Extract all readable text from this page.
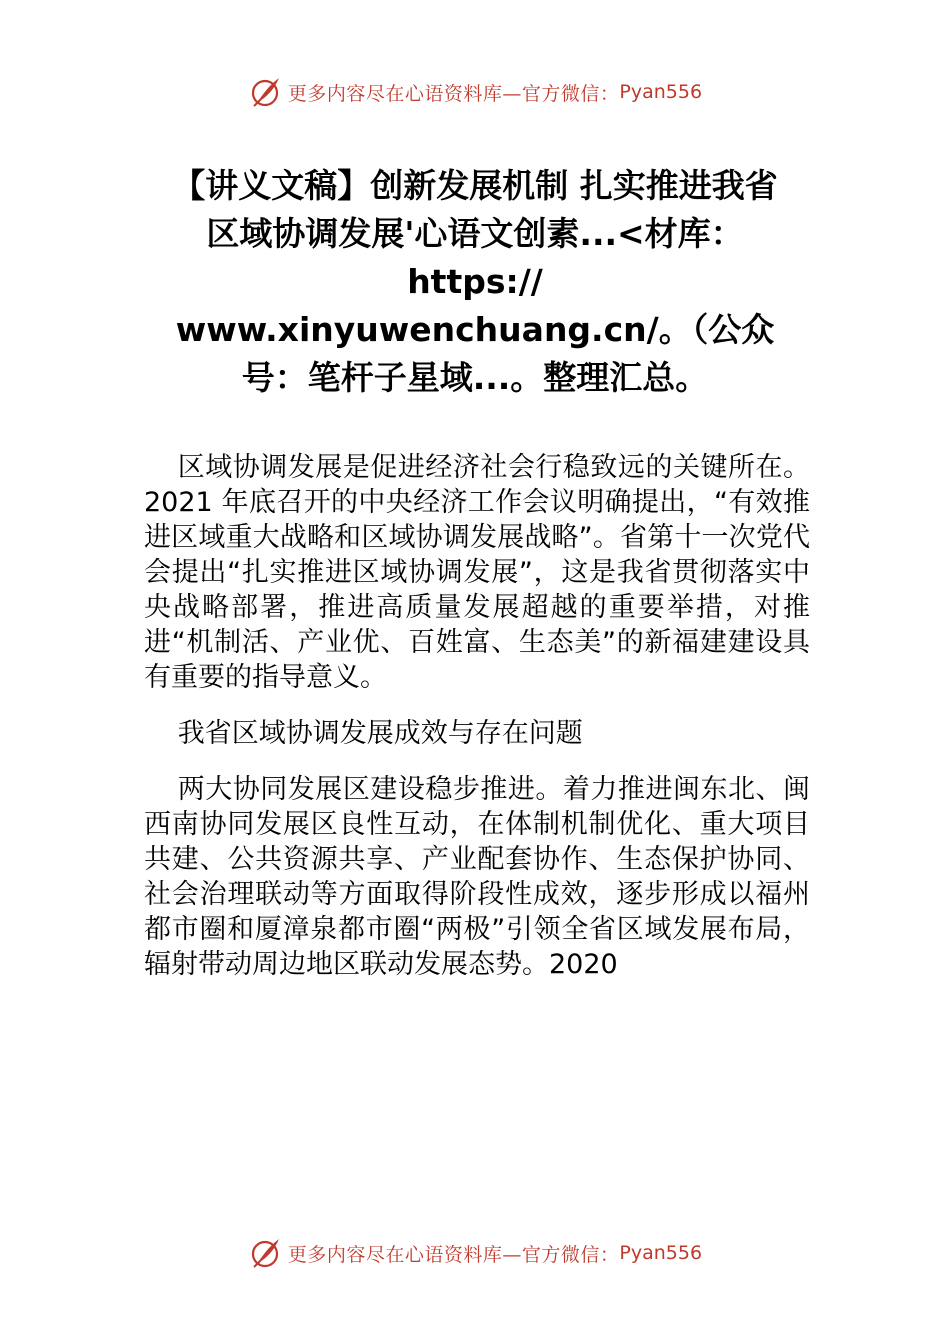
更多内容尽在心语资料库—官方微信： Pyan556
【讲义文稿】创新发展机制 扎实推进我省
区域协调发展'心语文创素...<材库：
https://
www.xinyuwenchuang.cn/。（公众
号：笔杆子星域...。整理汇总。

区域协调发展是促进经济社会行稳致远的关键所在。2021 年底召开的中央经济工作会议明确提出，“有效推进区域重大战略和区域协调发展战略”。省第十一次党代会提出“扎实推进区域协调发展”，这是我省贯彻落实中央战略部署，推进高质量发展超越的重要举措，对推进“机制活、产业优、百姓富、生态美”的新福建建设具有重要的指导意义。

我省区域协调发展成效与存在问题

两大协同发展区建设稳步推进。着力推进闽东北、闽西南协同发展区良性互动，在体制机制优化、重大项目共建、公共资源共享、产业配套协作、生态保护协同、社会治理联动等方面取得阶段性成效，逐步形成以福州都市圈和厦漳泉都市圈“两极”引领全省区域发展布局，辐射带动周边地区联动发展态势。2020

更多内容尽在心语资料库—官方微信： Pyan556
